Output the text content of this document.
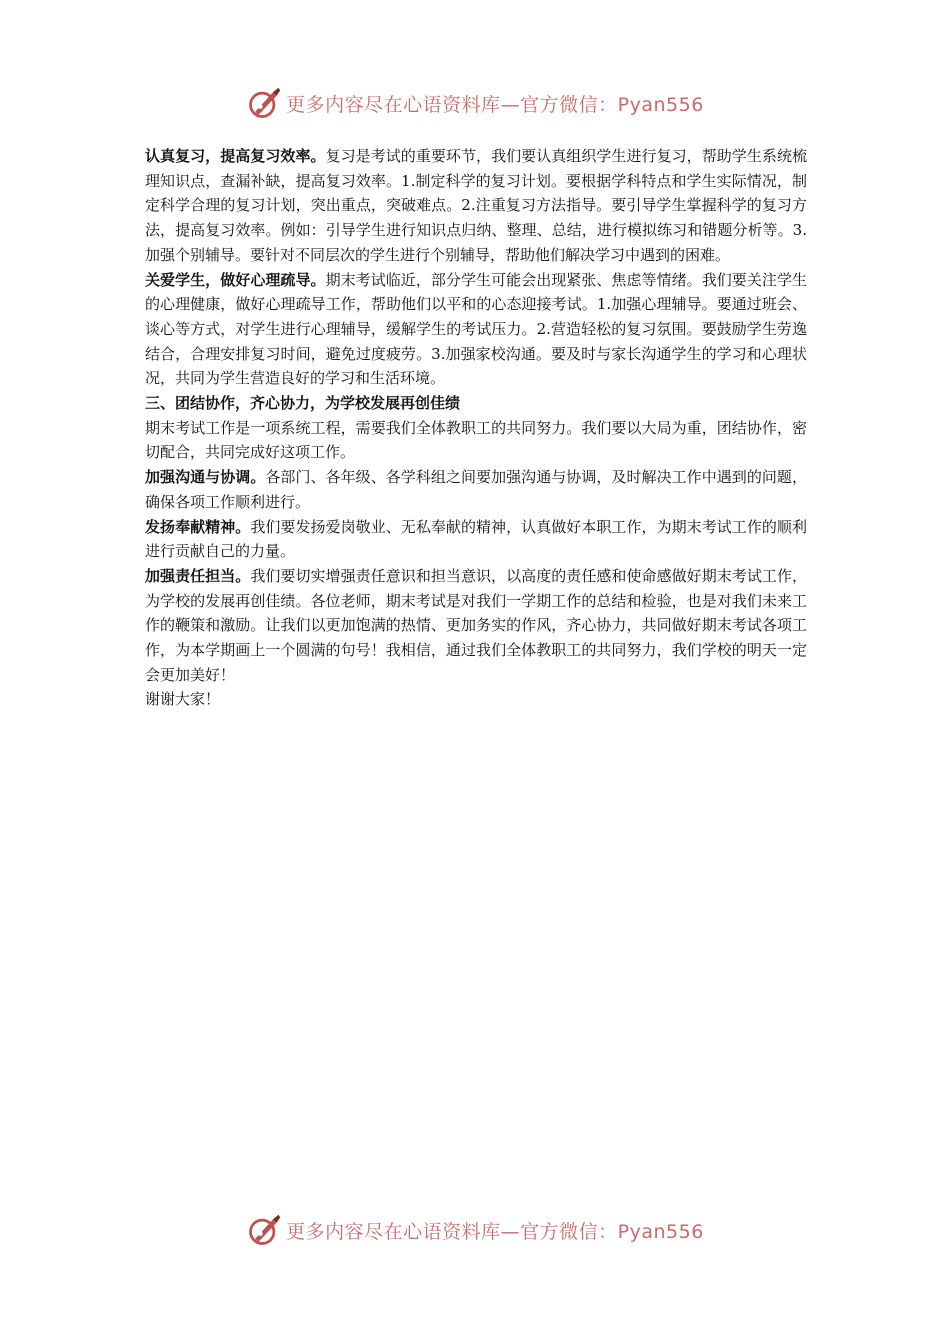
更多内容尽在心语资料库—官方微信：Pyan556

认真复习，提高复习效率。复习是考试的重要环节，我们要认真组织学生进行复习，帮助学生系统梳理知识点，查漏补缺，提高复习效率。1.制定科学的复习计划。要根据学科特点和学生实际情况，制定科学合理的复习计划，突出重点，突破难点。2.注重复习方法指导。要引导学生掌握科学的复习方法，提高复习效率。例如：引导学生进行知识点归纳、整理、总结，进行模拟练习和错题分析等。3.加强个别辅导。要针对不同层次的学生进行个别辅导，帮助他们解决学习中遇到的困难。

关爱学生，做好心理疏导。期末考试临近，部分学生可能会出现紧张、焦虑等情绪。我们要关注学生的心理健康，做好心理疏导工作，帮助他们以平和的心态迎接考试。1.加强心理辅导。要通过班会、谈心等方式，对学生进行心理辅导，缓解学生的考试压力。2.营造轻松的复习氛围。要鼓励学生劳逸结合，合理安排复习时间，避免过度疲劳。3.加强家校沟通。要及时与家长沟通学生的学习和心理状况，共同为学生营造良好的学习和生活环境。

三、团结协作，齐心协力，为学校发展再创佳绩

期末考试工作是一项系统工程，需要我们全体教职工的共同努力。我们要以大局为重，团结协作，密切配合，共同完成好这项工作。

加强沟通与协调。各部门、各年级、各学科组之间要加强沟通与协调，及时解决工作中遇到的问题，确保各项工作顺利进行。

发扬奉献精神。我们要发扬爱岗敬业、无私奉献的精神，认真做好本职工作，为期末考试工作的顺利进行贡献自己的力量。

加强责任担当。我们要切实增强责任意识和担当意识，以高度的责任感和使命感做好期末考试工作，为学校的发展再创佳绩。各位老师，期末考试是对我们一学期工作的总结和检验，也是对我们未来工作的鞭策和激励。让我们以更加饱满的热情、更加务实的作风，齐心协力，共同做好期末考试各项工作，为本学期画上一个圆满的句号！我相信，通过我们全体教职工的共同努力，我们学校的明天一定会更加美好！

谢谢大家！

更多内容尽在心语资料库—官方微信：Pyan556
